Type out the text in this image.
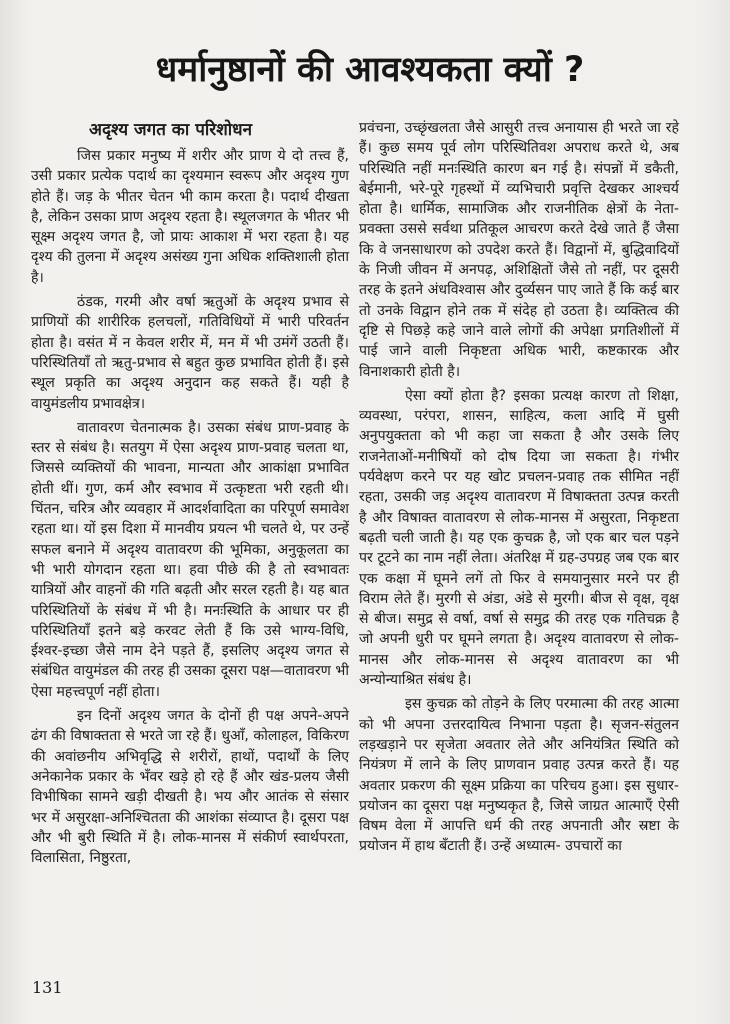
धर्मानुष्ठानों की आवश्यकता क्यों ?
अदृश्य जगत का परिशोधन

जिस प्रकार मनुष्य में शरीर और प्राण ये दो तत्त्व हैं, उसी प्रकार प्रत्येक पदार्थ का दृश्यमान स्वरूप और अदृश्य गुण होते हैं। जड़ के भीतर चेतन भी काम करता है। पदार्थ दीखता है, लेकिन उसका प्राण अदृश्य रहता है। स्थूलजगत के भीतर भी सूक्ष्म अदृश्य जगत है, जो प्रायः आकाश में भरा रहता है। यह दृश्य की तुलना में अदृश्य असंख्य गुना अधिक शक्तिशाली होता है।

ठंडक, गरमी और वर्षा ऋतुओं के अदृश्य प्रभाव से प्राणियों की शारीरिक हलचलों, गतिविधियों में भारी परिवर्तन होता है। वसंत में न केवल शरीर में, मन में भी उमंगें उठती हैं। परिस्थितियाँ तो ऋतु-प्रभाव से बहुत कुछ प्रभावित होती हैं। इसे स्थूल प्रकृति का अदृश्य अनुदान कह सकते हैं। यही है वायुमंडलीय प्रभावक्षेत्र।

वातावरण चेतनात्मक है। उसका संबंध प्राण-प्रवाह के स्तर से संबंध है। सतयुग में ऐसा अदृश्य प्राण-प्रवाह चलता था, जिससे व्यक्तियों की भावना, मान्यता और आकांक्षा प्रभावित होती थीं। गुण, कर्म और स्वभाव में उत्कृष्टता भरी रहती थी। चिंतन, चरित्र और व्यवहार में आदर्शवादिता का परिपूर्ण समावेश रहता था। यों इस दिशा में मानवीय प्रयत्न भी चलते थे, पर उन्हें सफल बनाने में अदृश्य वातावरण की भूमिका, अनुकूलता का भी भारी योगदान रहता था। हवा पीछे की है तो स्वभावतः यात्रियों और वाहनों की गति बढ़ती और सरल रहती है। यह बात परिस्थितियों के संबंध में भी है। मनःस्थिति के आधार पर ही परिस्थितियाँ इतने बड़े करवट लेती हैं कि उसे भाग्य-विधि, ईश्वर-इच्छा जैसे नाम देने पड़ते हैं, इसलिए अदृश्य जगत से संबंधित वायुमंडल की तरह ही उसका दूसरा पक्ष—वातावरण भी ऐसा महत्त्वपूर्ण नहीं होता।

इन दिनों अदृश्य जगत के दोनों ही पक्ष अपने-अपने ढंग की विषाक्तता से भरते जा रहे हैं। धुआँ, कोलाहल, विकिरण की अवांछनीय अभिवृद्धि से शरीरों, हाथों, पदार्थों के लिए अनेकानेक प्रकार के भँवर खड़े हो रहे हैं और खंड-प्रलय जैसी विभीषिका सामने खड़ी दीखती है। भय और आतंक से संसार भर में असुरक्षा-अनिश्चितता की आशंका संव्याप्त है। दूसरा पक्ष और भी बुरी स्थिति में है। लोक-मानस में संकीर्ण स्वार्थपरता, विलासिता, निष्ठुरता,

प्रवंचना, उच्छृंखलता जैसे आसुरी तत्त्व अनायास ही भरते जा रहे हैं। कुछ समय पूर्व लोग परिस्थितिवश अपराध करते थे, अब परिस्थिति नहीं मनःस्थिति कारण बन गई है। संपन्नों में डकैती, बेईमानी, भरे-पूरे गृहस्थों में व्यभिचारी प्रवृत्ति देखकर आश्चर्य होता है। धार्मिक, सामाजिक और राजनीतिक क्षेत्रों के नेता-प्रवक्ता उससे सर्वथा प्रतिकूल आचरण करते देखे जाते हैं जैसा कि वे जनसाधारण को उपदेश करते हैं। विद्वानों में, बुद्धिवादियों के निजी जीवन में अनपढ़, अशिक्षितों जैसे तो नहीं, पर दूसरी तरह के इतने अंधविश्वास और दुर्व्यसन पाए जाते हैं कि कई बार तो उनके विद्वान होने तक में संदेह हो उठता है। व्यक्तित्व की दृष्टि से पिछड़े कहे जाने वाले लोगों की अपेक्षा प्रगतिशीलों में पाई जाने वाली निकृष्टता अधिक भारी, कष्टकारक और विनाशकारी होती है।

ऐसा क्यों होता है? इसका प्रत्यक्ष कारण तो शिक्षा, व्यवस्था, परंपरा, शासन, साहित्य, कला आदि में घुसी अनुपयुक्तता को भी कहा जा सकता है और उसके लिए राजनेताओं-मनीषियों को दोष दिया जा सकता है। गंभीर पर्यवेक्षण करने पर यह खोट प्रचलन-प्रवाह तक सीमित नहीं रहता, उसकी जड़ अदृश्य वातावरण में विषाक्तता उत्पन्न करती है और विषाक्त वातावरण से लोक-मानस में असुरता, निकृष्टता बढ़ती चली जाती है। यह एक कुचक्र है, जो एक बार चल पड़ने पर टूटने का नाम नहीं लेता। अंतरिक्ष में ग्रह-उपग्रह जब एक बार एक कक्षा में घूमने लगें तो फिर वे समयानुसार मरने पर ही विराम लेते हैं। मुरगी से अंडा, अंडे से मुरगी। बीज से वृक्ष, वृक्ष से बीज। समुद्र से वर्षा, वर्षा से समुद्र की तरह एक गतिचक्र है जो अपनी धुरी पर घूमने लगता है। अदृश्य वातावरण से लोक-मानस और लोक-मानस से अदृश्य वातावरण का भी अन्योन्याश्रित संबंध है।

इस कुचक्र को तोड़ने के लिए परमात्मा की तरह आत्मा को भी अपना उत्तरदायित्व निभाना पड़ता है। सृजन-संतुलन लड़खड़ाने पर सृजेता अवतार लेते और अनियंत्रित स्थिति को नियंत्रण में लाने के लिए प्राणवान प्रवाह उत्पन्न करते हैं। यह अवतार प्रकरण की सूक्ष्म प्रक्रिया का परिचय हुआ। इस सुधार-प्रयोजन का दूसरा पक्ष मनुष्यकृत है, जिसे जाग्रत आत्माएँ ऐसी विषम वेला में आपत्ति धर्म की तरह अपनाती और स्रष्टा के प्रयोजन में हाथ बँटाती हैं। उन्हें अध्यात्म- उपचारों का

131
